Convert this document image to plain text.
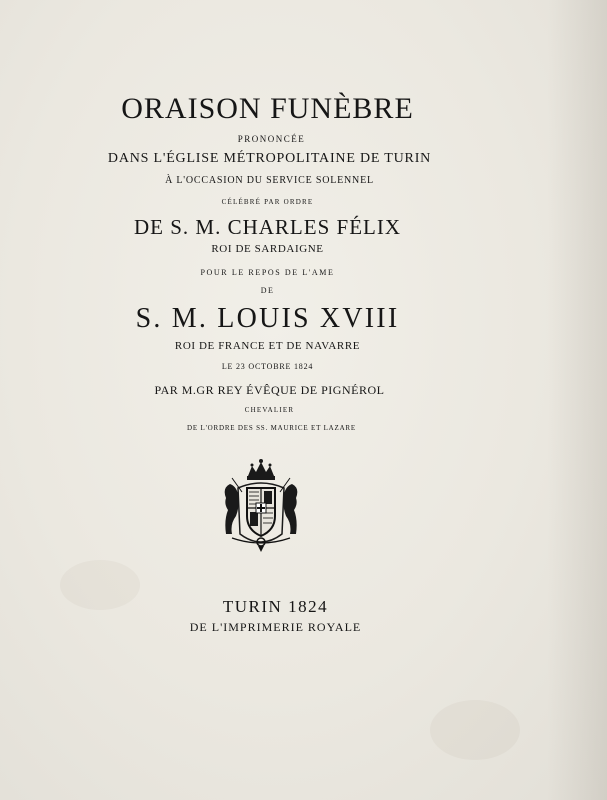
ORAISON FUNÈBRE
PRONONCÉE
DANS L'ÉGLISE MÉTROPOLITAINE DE TURIN
À L'OCCASION DU SERVICE SOLENNEL
CÉLÉBRÉ PAR ORDRE
DE S. M. CHARLES FÉLIX
ROI DE SARDAIGNE
POUR LE REPOS DE L'AME
DE
S. M. LOUIS XVIII
ROI DE FRANCE ET DE NAVARRE
LE 23 OCTOBRE 1824
PAR M.GR REY ÉVÊQUE DE PIGNÉROL
CHEVALIER
DE L'ORDRE DES SS. MAURICE ET LAZARE
TURIN 1824
DE L'IMPRIMERIE ROYALE
